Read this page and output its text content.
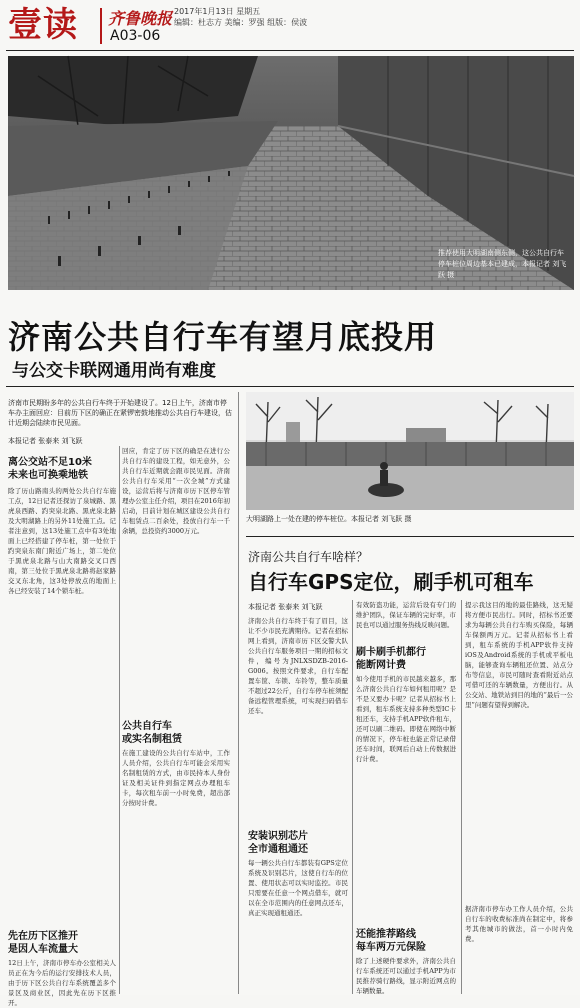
壹读 齐鲁晚报 2017年1月13日 星期五
编辑：杜志方 美编：罗强 组版：侯波
A03-06
推荐使用大明湖南侧东侧，这公共自行车停车桩位周边基本已建成，本报记者 刘飞跃 摄
济南公共自行车有望月底投用
与公交卡联网通用尚有难度
济南市民期盼多年的公共自行车终于开始建设了。12日上午，济南市停车办主面回应：目前历下区的确正在紧锣密鼓地推动公共自行车建设，估计近期会陆续市民见面。
本报记者 张泰来 刘飞跃
离公交站不足10米
未来也可换乘地铁
除了历山路南头的两处公共自行车施工点，12日记者还探访了泉城路、黑虎泉西路、趵突泉北路、黑虎泉北路及大明湖路上的另外11处施工点。记者注意到，这13处施工点中有3处地面上已经搭建了停车桩，第一处位于趵突泉东南门附近广场上，第二处位于黑虎泉北路与山大南路交叉口西南，第三处位于黑虎泉北路将赵家路交叉东北角，这3处停放点的地面上各已经安装了14个锁车桩。
先在历下区推开
是因人车流量大
12日上午，济南市停车办公室相关人员正在为今后的运行安排技术人员，由于历下区公共自行车系统覆盖多个景区及商业区，因此先在历下区推开。
回应，肯定了历下区的确是在进行公共自行车的建设工程，如无意外，公共自行车近期就会跟市民见面。济南公共自行车采用“一次全城”方式建设，运营后将与济南市历下区停车管理办公室主任介绍，项目在2016年初启动，目前计划在城区建设公共自行车租赁点二百余处，投放自行车一千余辆，总投资约3000万元。
公共自行车
或实名制租赁
在施工建设的公共自行车站中，工作人员介绍，公共自行车可能会采用实名制租赁的方式，由市民持本人身份证及相关证件到指定网点办理租车卡，每次租车前一小时免费，超出部分按时计费。
大明湖路上一处在建的停车桩位。本报记者 刘飞跃 摄
济南公共自行车啥样？
自行车GPS定位，刷手机可租车
本报记者 张泰来 刘飞跃
济南公共自行车终于有了眉目，这让不少市民充满期待。记者在招标网上看到，济南市历下区交警大队公共自行车服务项目一期的招标文件，编号为JNLXSDZB-2016-G006。按照文件要求，自行车配置车筐、车锁、车铃等，整车质量不超过22公斤，自行车停车桩须配备远程管理系统，可实现扫码借车还车。
安装识别芯片
全市通租通还
每一辆公共自行车都装有GPS定位系统及识别芯片，这使自行车的位置、使用状态可以实时监控。市民只需要在任意一个网点借车，就可以在全市范围内的任意网点还车，真正实现通租通还。
有效防盗功能，运营后设有专门的维护团队，保证车辆的完好率，市民也可以通过服务热线反映问题。
刷卡刷手机都行
能断网计费
如今使用手机的市民越来越多，那么济南公共自行车如何租用呢？是不是又要办卡呢？记者从招标书上看到，租车系统支持多种类型IC卡租还车，支持手机APP软件租车，还可以刷二维码。即使在网络中断的情况下，停车桩也能正常记录借还车时间，联网后自动上传数据进行计费。
还能推荐路线
每车两万元保险
除了上述硬件要求外，济南公共自行车系统还可以通过手机APP为市民推荐骑行路线，显示附近网点的车辆数量。
提示我这目的地的最佳路线，这无疑将方便市民出行。同时，招标书还要求为每辆公共自行车购买保险，每辆车保额两万元。记者从招标书上看到，租车系统的手机APP软件支持iOS及Android系统的手机或平板电脑，能够查询车辆租还位置、站点分布等信息，市民可随时查看附近站点可借可还的车辆数量，方便出行。从公交站、地铁站到目的地的“最后一公里”问题有望得到解决。
据济南市停车办工作人员介绍，公共自行车的收费标准尚在制定中，将参考其他城市的做法，首一小时内免费。
